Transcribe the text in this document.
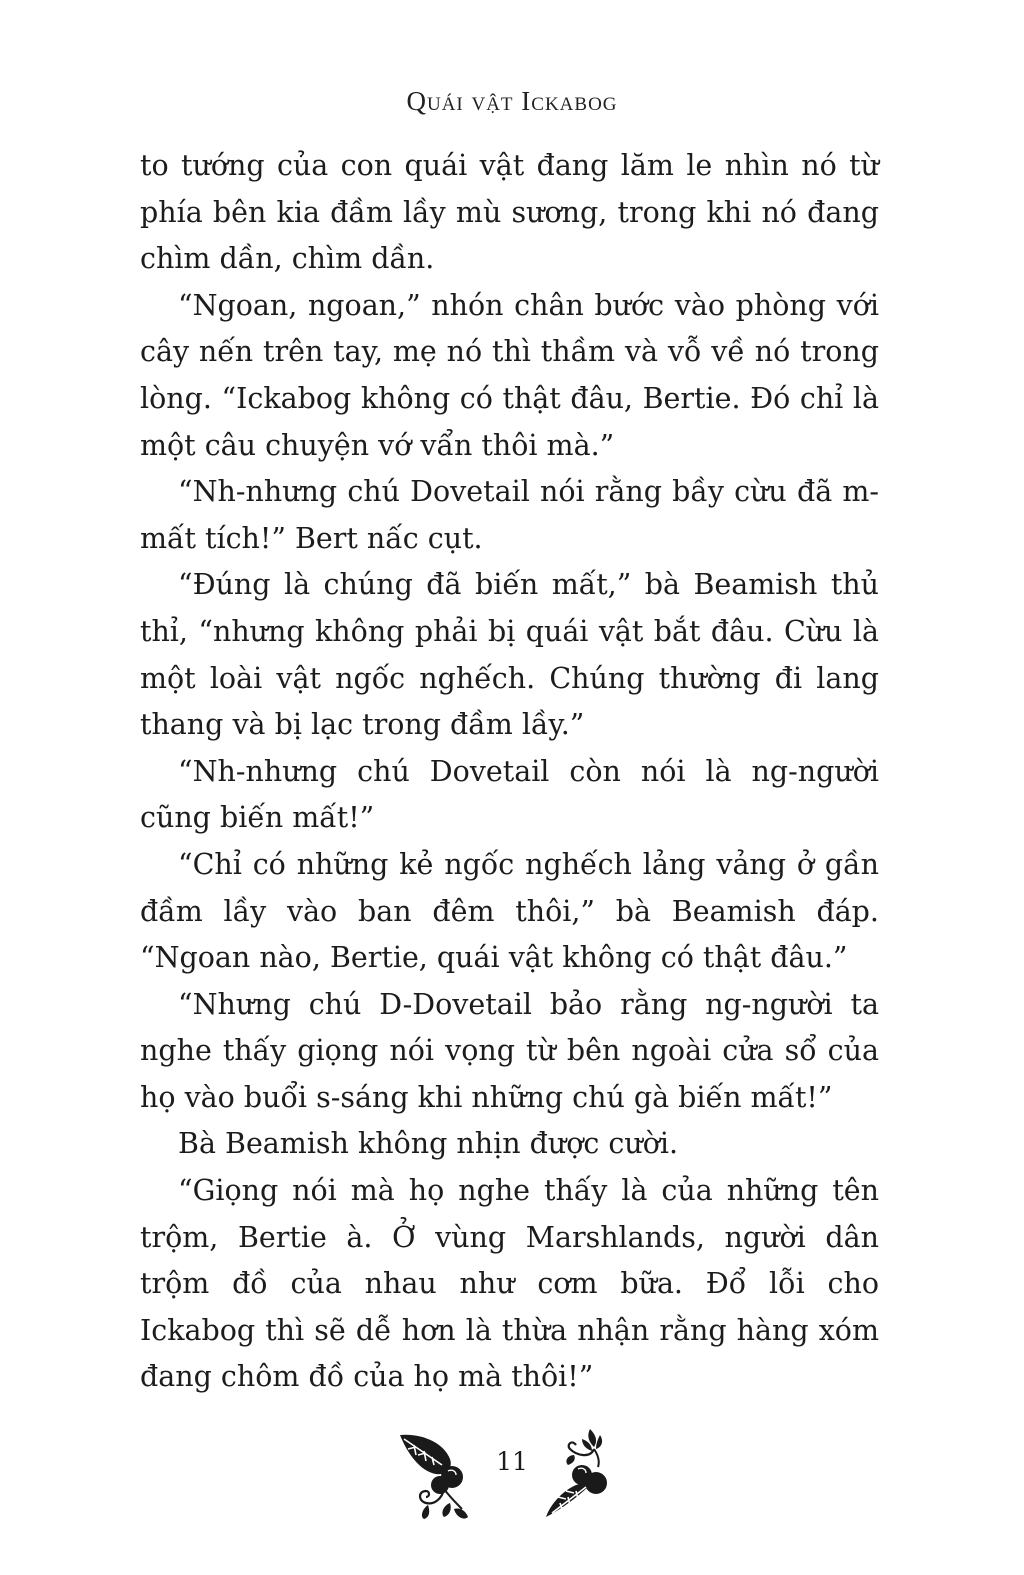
Quái vật Ickabog

to tướng của con quái vật đang lăm le nhìn nó từ phía bên kia đầm lầy mù sương, trong khi nó đang chìm dần, chìm dần.

“Ngoan, ngoan,” nhón chân bước vào phòng với cây nến trên tay, mẹ nó thì thầm và vỗ về nó trong lòng. “Ickabog không có thật đâu, Bertie. Đó chỉ là một câu chuyện vớ vẩn thôi mà.”

“Nh-nhưng chú Dovetail nói rằng bầy cừu đã m-mất tích!” Bert nấc cụt.

“Đúng là chúng đã biến mất,” bà Beamish thủ thỉ, “nhưng không phải bị quái vật bắt đâu. Cừu là một loài vật ngốc nghếch. Chúng thường đi lang thang và bị lạc trong đầm lầy.”

“Nh-nhưng chú Dovetail còn nói là ng-người cũng biến mất!”

“Chỉ có những kẻ ngốc nghếch lảng vảng ở gần đầm lầy vào ban đêm thôi,” bà Beamish đáp. “Ngoan nào, Bertie, quái vật không có thật đâu.”

“Nhưng chú D-Dovetail bảo rằng ng-người ta nghe thấy giọng nói vọng từ bên ngoài cửa sổ của họ vào buổi s-sáng khi những chú gà biến mất!”

Bà Beamish không nhịn được cười.

“Giọng nói mà họ nghe thấy là của những tên trộm, Bertie à. Ở vùng Marshlands, người dân trộm đồ của nhau như cơm bữa. Đổ lỗi cho Ickabog thì sẽ dễ hơn là thừa nhận rằng hàng xóm đang chôm đồ của họ mà thôi!”

11
